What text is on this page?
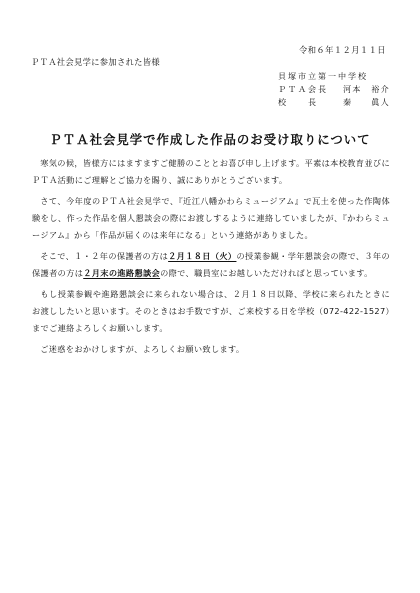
令和６年１２月１１日
ＰＴＡ社会見学に参加された皆様
貝塚市立第一中学校
ＰＴＡ会長 河本　裕介
校　　長	秦　　眞人
ＰＴＡ社会見学で作成した作品のお受け取りについて

寒気の候，皆様方にはますますご健勝のこととお喜び申し上げます。平素は本校教育並びにＰＴＡ活動にご理解とご協力を賜り、誠にありがとうございます。

さて、今年度のＰＴＡ社会見学で、『近江八幡かわらミュージアム』で瓦土を使った作陶体験をし、作った作品を個人懇談会の際にお渡しするように連絡していましたが、『かわらミュージアム』から「作品が届くのは来年になる」という連絡がありました。

そこで、１・２年の保護者の方は２月１８日（火）の授業参観・学年懇談会の際で、３年の保護者の方は２月末の進路懇談会の際で、職員室にお越しいただければと思っています。

もし授業参観や進路懇談会に来られない場合は、２月１８日以降、学校に来られたときにお渡ししたいと思います。そのときはお手数ですが、ご来校する日を学校（072-422-1527）までご連絡よろしくお願いします。

ご迷惑をおかけしますが、よろしくお願い致します。
